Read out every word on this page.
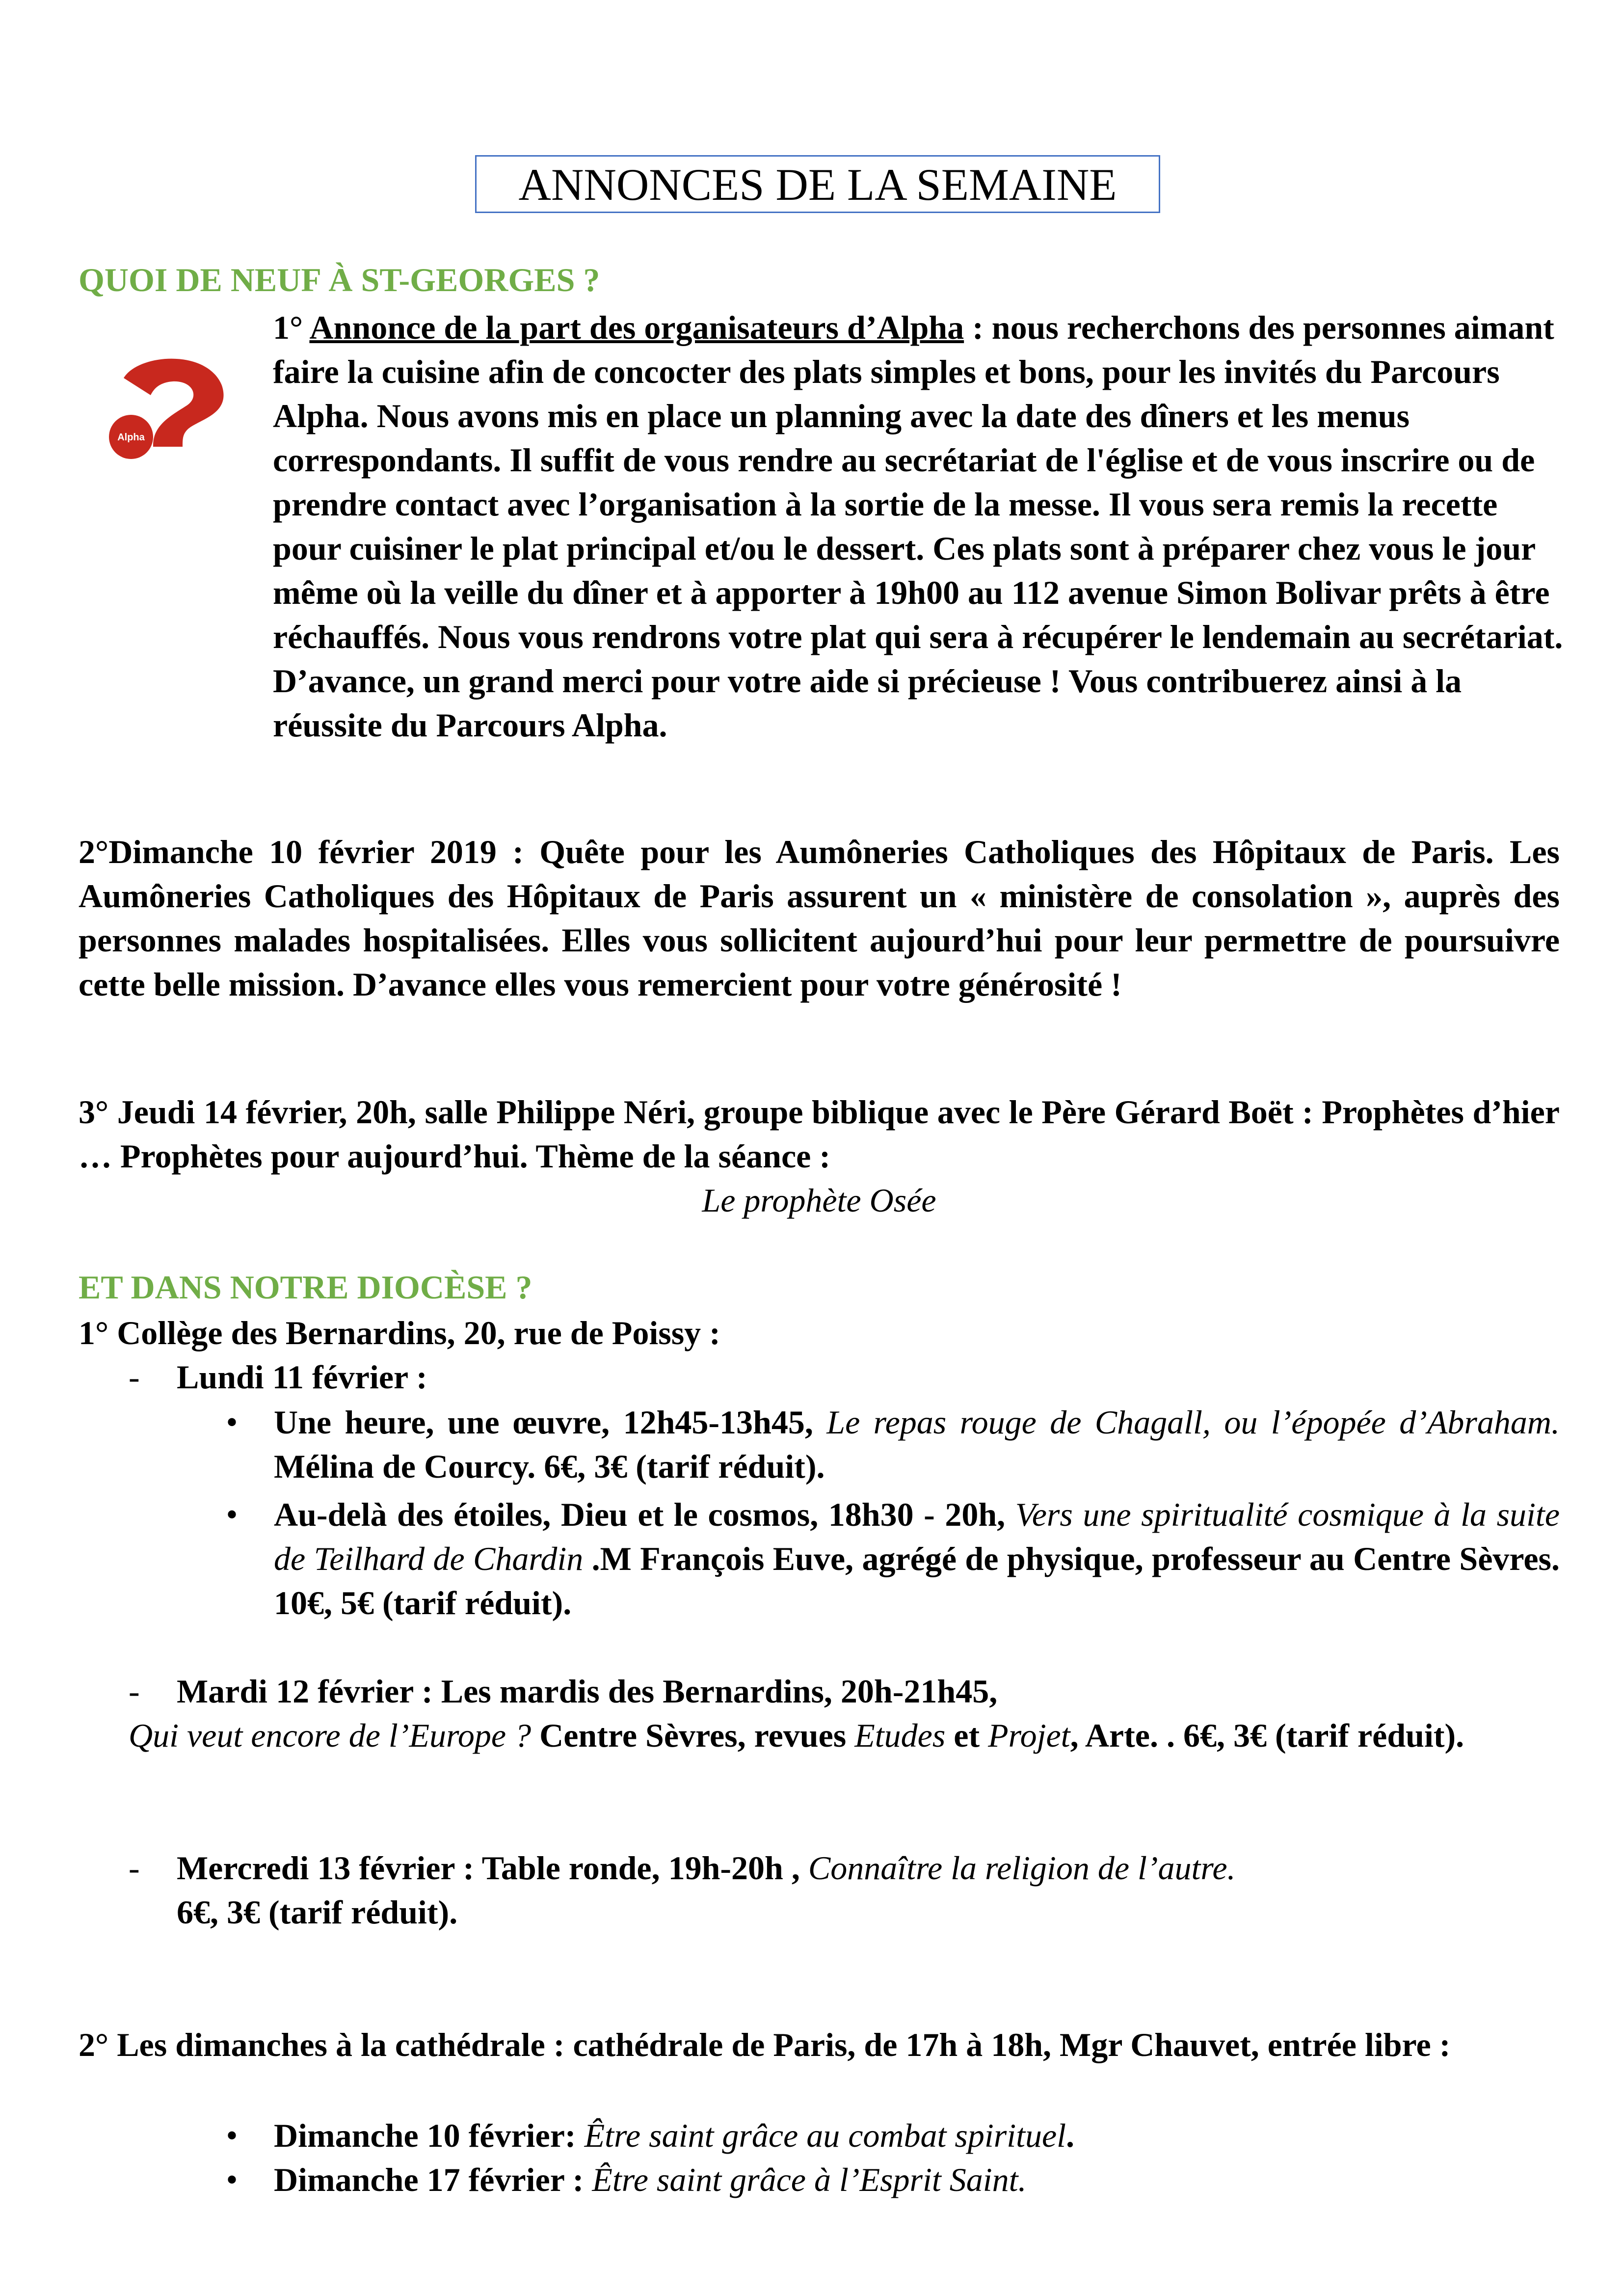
ANNONCES DE LA SEMAINE
QUOI DE NEUF À ST-GEORGES ?
Alpha
1° Annonce de la part des organisateurs d’Alpha : nous recherchons des personnes aimant faire la cuisine afin de concocter des plats simples et bons, pour les invités du Parcours Alpha. Nous avons mis en place un planning avec la date des dîners et les menus correspondants. Il suffit de vous rendre au secrétariat de l'église et de vous inscrire ou de prendre contact avec l’organisation à la sortie de la messe. Il vous sera remis la recette pour cuisiner le plat principal et/ou le dessert. Ces plats sont à préparer chez vous le jour même où la veille du dîner et à apporter à 19h00 au 112 avenue Simon Bolivar prêts à être réchauffés. Nous vous rendrons votre plat qui sera à récupérer le lendemain au secrétariat. D’avance, un grand merci pour votre aide si précieuse ! Vous contribuerez ainsi à la réussite du Parcours Alpha.
2°Dimanche 10 février 2019 : Quête pour les Aumôneries Catholiques des Hôpitaux de Paris. Les Aumôneries Catholiques des Hôpitaux de Paris assurent un « ministère de consolation », auprès des personnes malades hospitalisées. Elles vous sollicitent aujourd’hui pour leur permettre de poursuivre cette belle mission. D’avance elles vous remercient pour votre générosité !
3° Jeudi 14 février, 20h, salle Philippe Néri, groupe biblique avec le Père Gérard Boët : Prophètes d’hier … Prophètes pour aujourd’hui. Thème de la séance :
Le prophète Osée
ET DANS NOTRE DIOCÈSE ?
1° Collège des Bernardins, 20, rue de Poissy :
- Lundi 11 février :
• Une heure, une œuvre, 12h45-13h45, Le repas rouge de Chagall, ou l’épopée d’Abraham. Mélina de Courcy. 6€, 3€ (tarif réduit).
• Au-delà des étoiles, Dieu et le cosmos, 18h30 - 20h, Vers une spiritualité cosmique à la suite de Teilhard de Chardin .M François Euve, agrégé de physique, professeur au Centre Sèvres. 10€, 5€ (tarif réduit).
- Mardi 12 février : Les mardis des Bernardins, 20h-21h45,
Qui veut encore de l’Europe ? Centre Sèvres, revues Etudes et Projet, Arte. . 6€, 3€ (tarif réduit).
- Mercredi 13 février : Table ronde, 19h-20h , Connaître la religion de l’autre.
6€, 3€ (tarif réduit).
2° Les dimanches à la cathédrale : cathédrale de Paris, de 17h à 18h, Mgr Chauvet, entrée libre :
• Dimanche 10 février: Être saint grâce au combat spirituel.
• Dimanche 17 février : Être saint grâce à l’Esprit Saint.
